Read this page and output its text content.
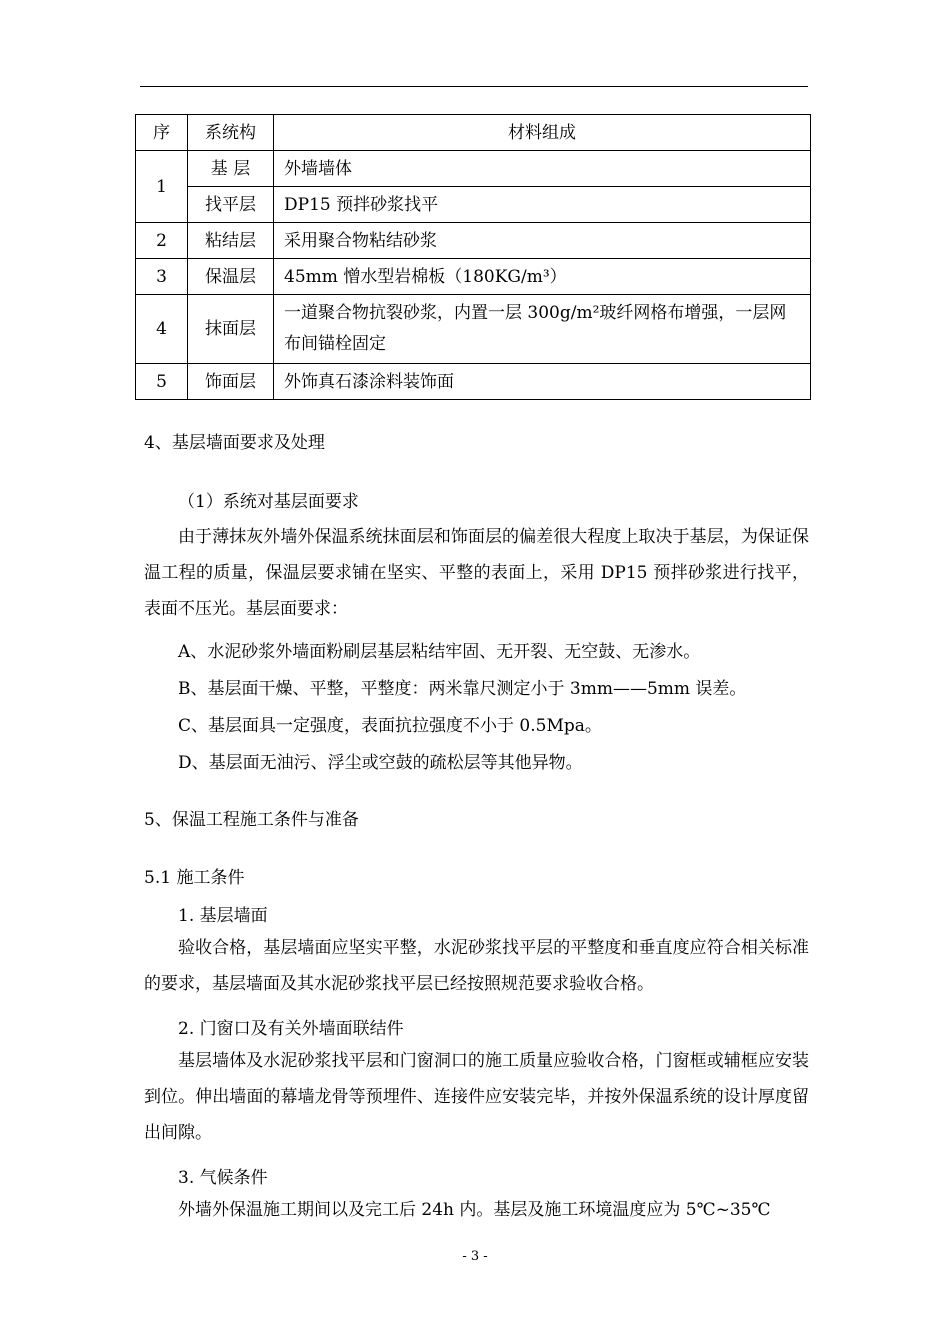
序	系统构	材料组成
1	基 层	外墙墙体
	找平层	DP15 预拌砂浆找平
2	粘结层	采用聚合物粘结砂浆
3	保温层	45mm 憎水型岩棉板（180KG/m³）
4	抹面层	一道聚合物抗裂砂浆，内置一层 300g/m²玻纤网格布增强，一层网布间锚栓固定
5	饰面层	外饰真石漆涂料装饰面
4、基层墙面要求及处理
（1）系统对基层面要求

由于薄抹灰外墙外保温系统抹面层和饰面层的偏差很大程度上取决于基层，为保证保温工程的质量，保温层要求铺在坚实、平整的表面上，采用 DP15 预拌砂浆进行找平，表面不压光。基层面要求：

A、水泥砂浆外墙面粉刷层基层粘结牢固、无开裂、无空鼓、无渗水。
B、基层面干燥、平整，平整度：两米靠尺测定小于 3mm——5mm 误差。
C、基层面具一定强度，表面抗拉强度不小于 0.5Mpa。
D、基层面无油污、浮尘或空鼓的疏松层等其他异物。
5、保温工程施工条件与准备
5.1 施工条件
1. 基层墙面

验收合格，基层墙面应坚实平整，水泥砂浆找平层的平整度和垂直度应符合相关标准的要求，基层墙面及其水泥砂浆找平层已经按照规范要求验收合格。

2. 门窗口及有关外墙面联结件

基层墙体及水泥砂浆找平层和门窗洞口的施工质量应验收合格，门窗框或辅框应安装到位。伸出墙面的幕墙龙骨等预埋件、连接件应安装完毕，并按外保温系统的设计厚度留出间隙。

3. 气候条件

外墙外保温施工期间以及完工后 24h 内。基层及施工环境温度应为 5℃~35℃

- 3 -
